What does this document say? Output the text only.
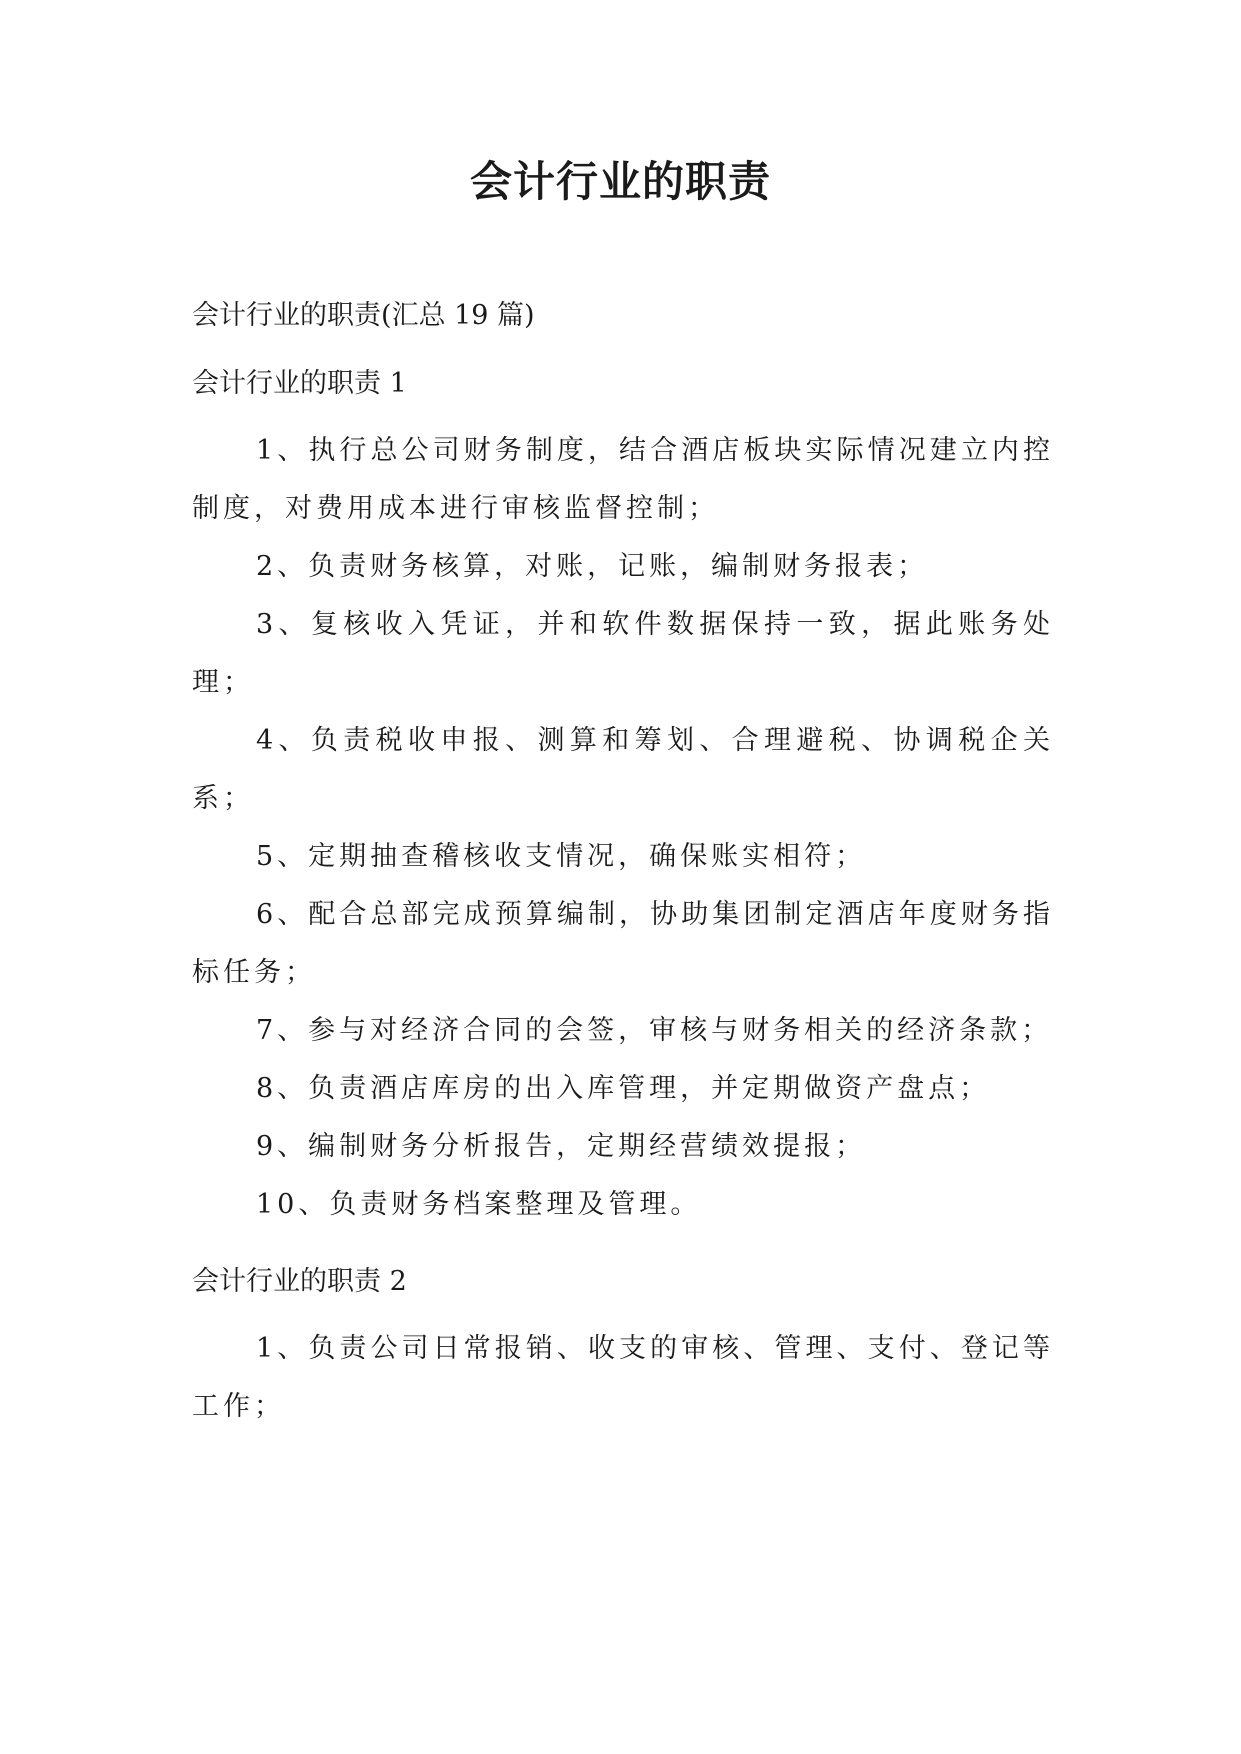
会计行业的职责
会计行业的职责(汇总 19 篇)
会计行业的职责 1

1、执行总公司财务制度，结合酒店板块实际情况建立内控制度，对费用成本进行审核监督控制；

2、负责财务核算，对账，记账，编制财务报表；

3、复核收入凭证，并和软件数据保持一致，据此账务处理；

4、负责税收申报、测算和筹划、合理避税、协调税企关系；

5、定期抽查稽核收支情况，确保账实相符；

6、配合总部完成预算编制，协助集团制定酒店年度财务指标任务；

7、参与对经济合同的会签，审核与财务相关的经济条款；

8、负责酒店库房的出入库管理，并定期做资产盘点；

9、编制财务分析报告，定期经营绩效提报；

10、负责财务档案整理及管理。

会计行业的职责 2

1、负责公司日常报销、收支的审核、管理、支付、登记等工作；
